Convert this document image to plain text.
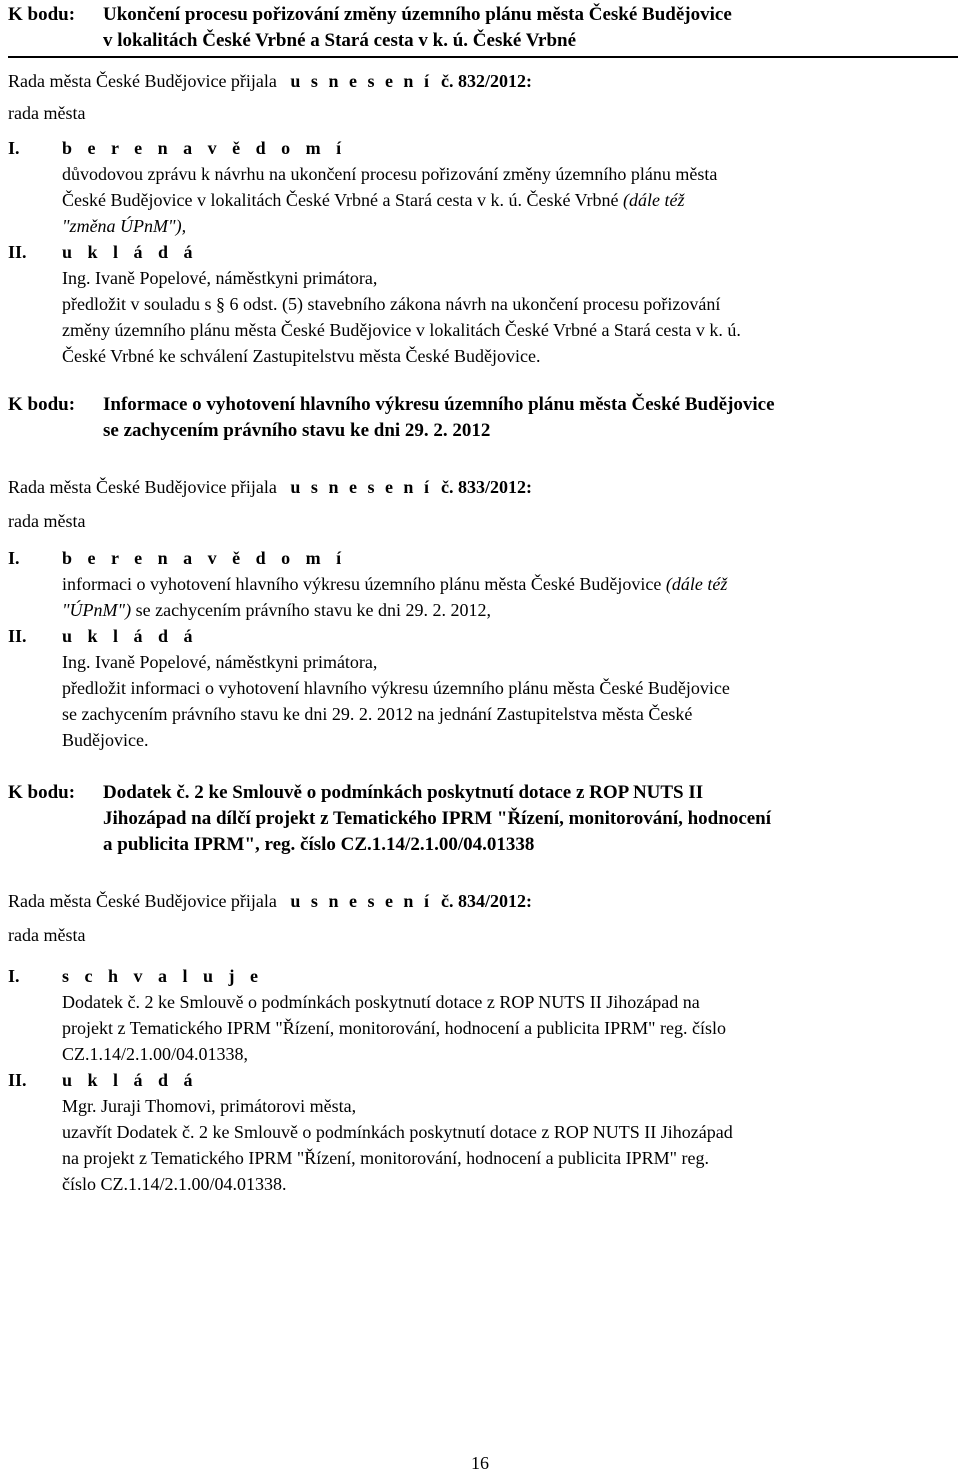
K bodu:	Ukončení procesu pořizování změny územního plánu města České Budějovice
v lokalitách České Vrbné a Stará cesta v k. ú. České Vrbné
Rada města České Budějovice přijala u s n e s e n í č. 832/2012:
rada města
I.	b e r e n a v ě d o m í
důvodovou zprávu k návrhu na ukončení procesu pořizování změny územního plánu města
České Budějovice v lokalitách České Vrbné a Stará cesta v k. ú. České Vrbné (dále též
"změna ÚPnM"),
II.	u k l á d á
Ing. Ivaně Popelové, náměstkyni primátora,
předložit v souladu s § 6 odst. (5) stavebního zákona návrh na ukončení procesu pořizování
změny územního plánu města České Budějovice v lokalitách České Vrbné a Stará cesta v k. ú.
České Vrbné ke schválení Zastupitelstvu města České Budějovice.
K bodu:	Informace o vyhotovení hlavního výkresu územního plánu města České Budějovice
se zachycením právního stavu ke dni 29. 2. 2012
Rada města České Budějovice přijala u s n e s e n í č. 833/2012:
rada města
I.	b e r e n a v ě d o m í
informaci o vyhotovení hlavního výkresu územního plánu města České Budějovice (dále též
"ÚPnM") se zachycením právního stavu ke dni 29. 2. 2012,
II.	u k l á d á
Ing. Ivaně Popelové, náměstkyni primátora,
předložit informaci o vyhotovení hlavního výkresu územního plánu města České Budějovice
se zachycením právního stavu ke dni 29. 2. 2012 na jednání Zastupitelstva města České
Budějovice.
K bodu:	Dodatek č. 2 ke Smlouvě o podmínkách poskytnutí dotace z ROP NUTS II
Jihozápad na dílčí projekt z Tematického IPRM "Řízení, monitorování, hodnocení
a publicita IPRM", reg. číslo CZ.1.14/2.1.00/04.01338
Rada města České Budějovice přijala u s n e s e n í č. 834/2012:
rada města
I.	s c h v a l u j e
Dodatek č. 2 ke Smlouvě o podmínkách poskytnutí dotace z ROP NUTS II Jihozápad na
projekt z Tematického IPRM "Řízení, monitorování, hodnocení a publicita IPRM" reg. číslo
CZ.1.14/2.1.00/04.01338,
II.	u k l á d á
Mgr. Juraji Thomovi, primátorovi města,
uzavřít Dodatek č. 2 ke Smlouvě o podmínkách poskytnutí dotace z ROP NUTS II Jihozápad
na projekt z Tematického IPRM "Řízení, monitorování, hodnocení a publicita IPRM" reg.
číslo CZ.1.14/2.1.00/04.01338.
16
